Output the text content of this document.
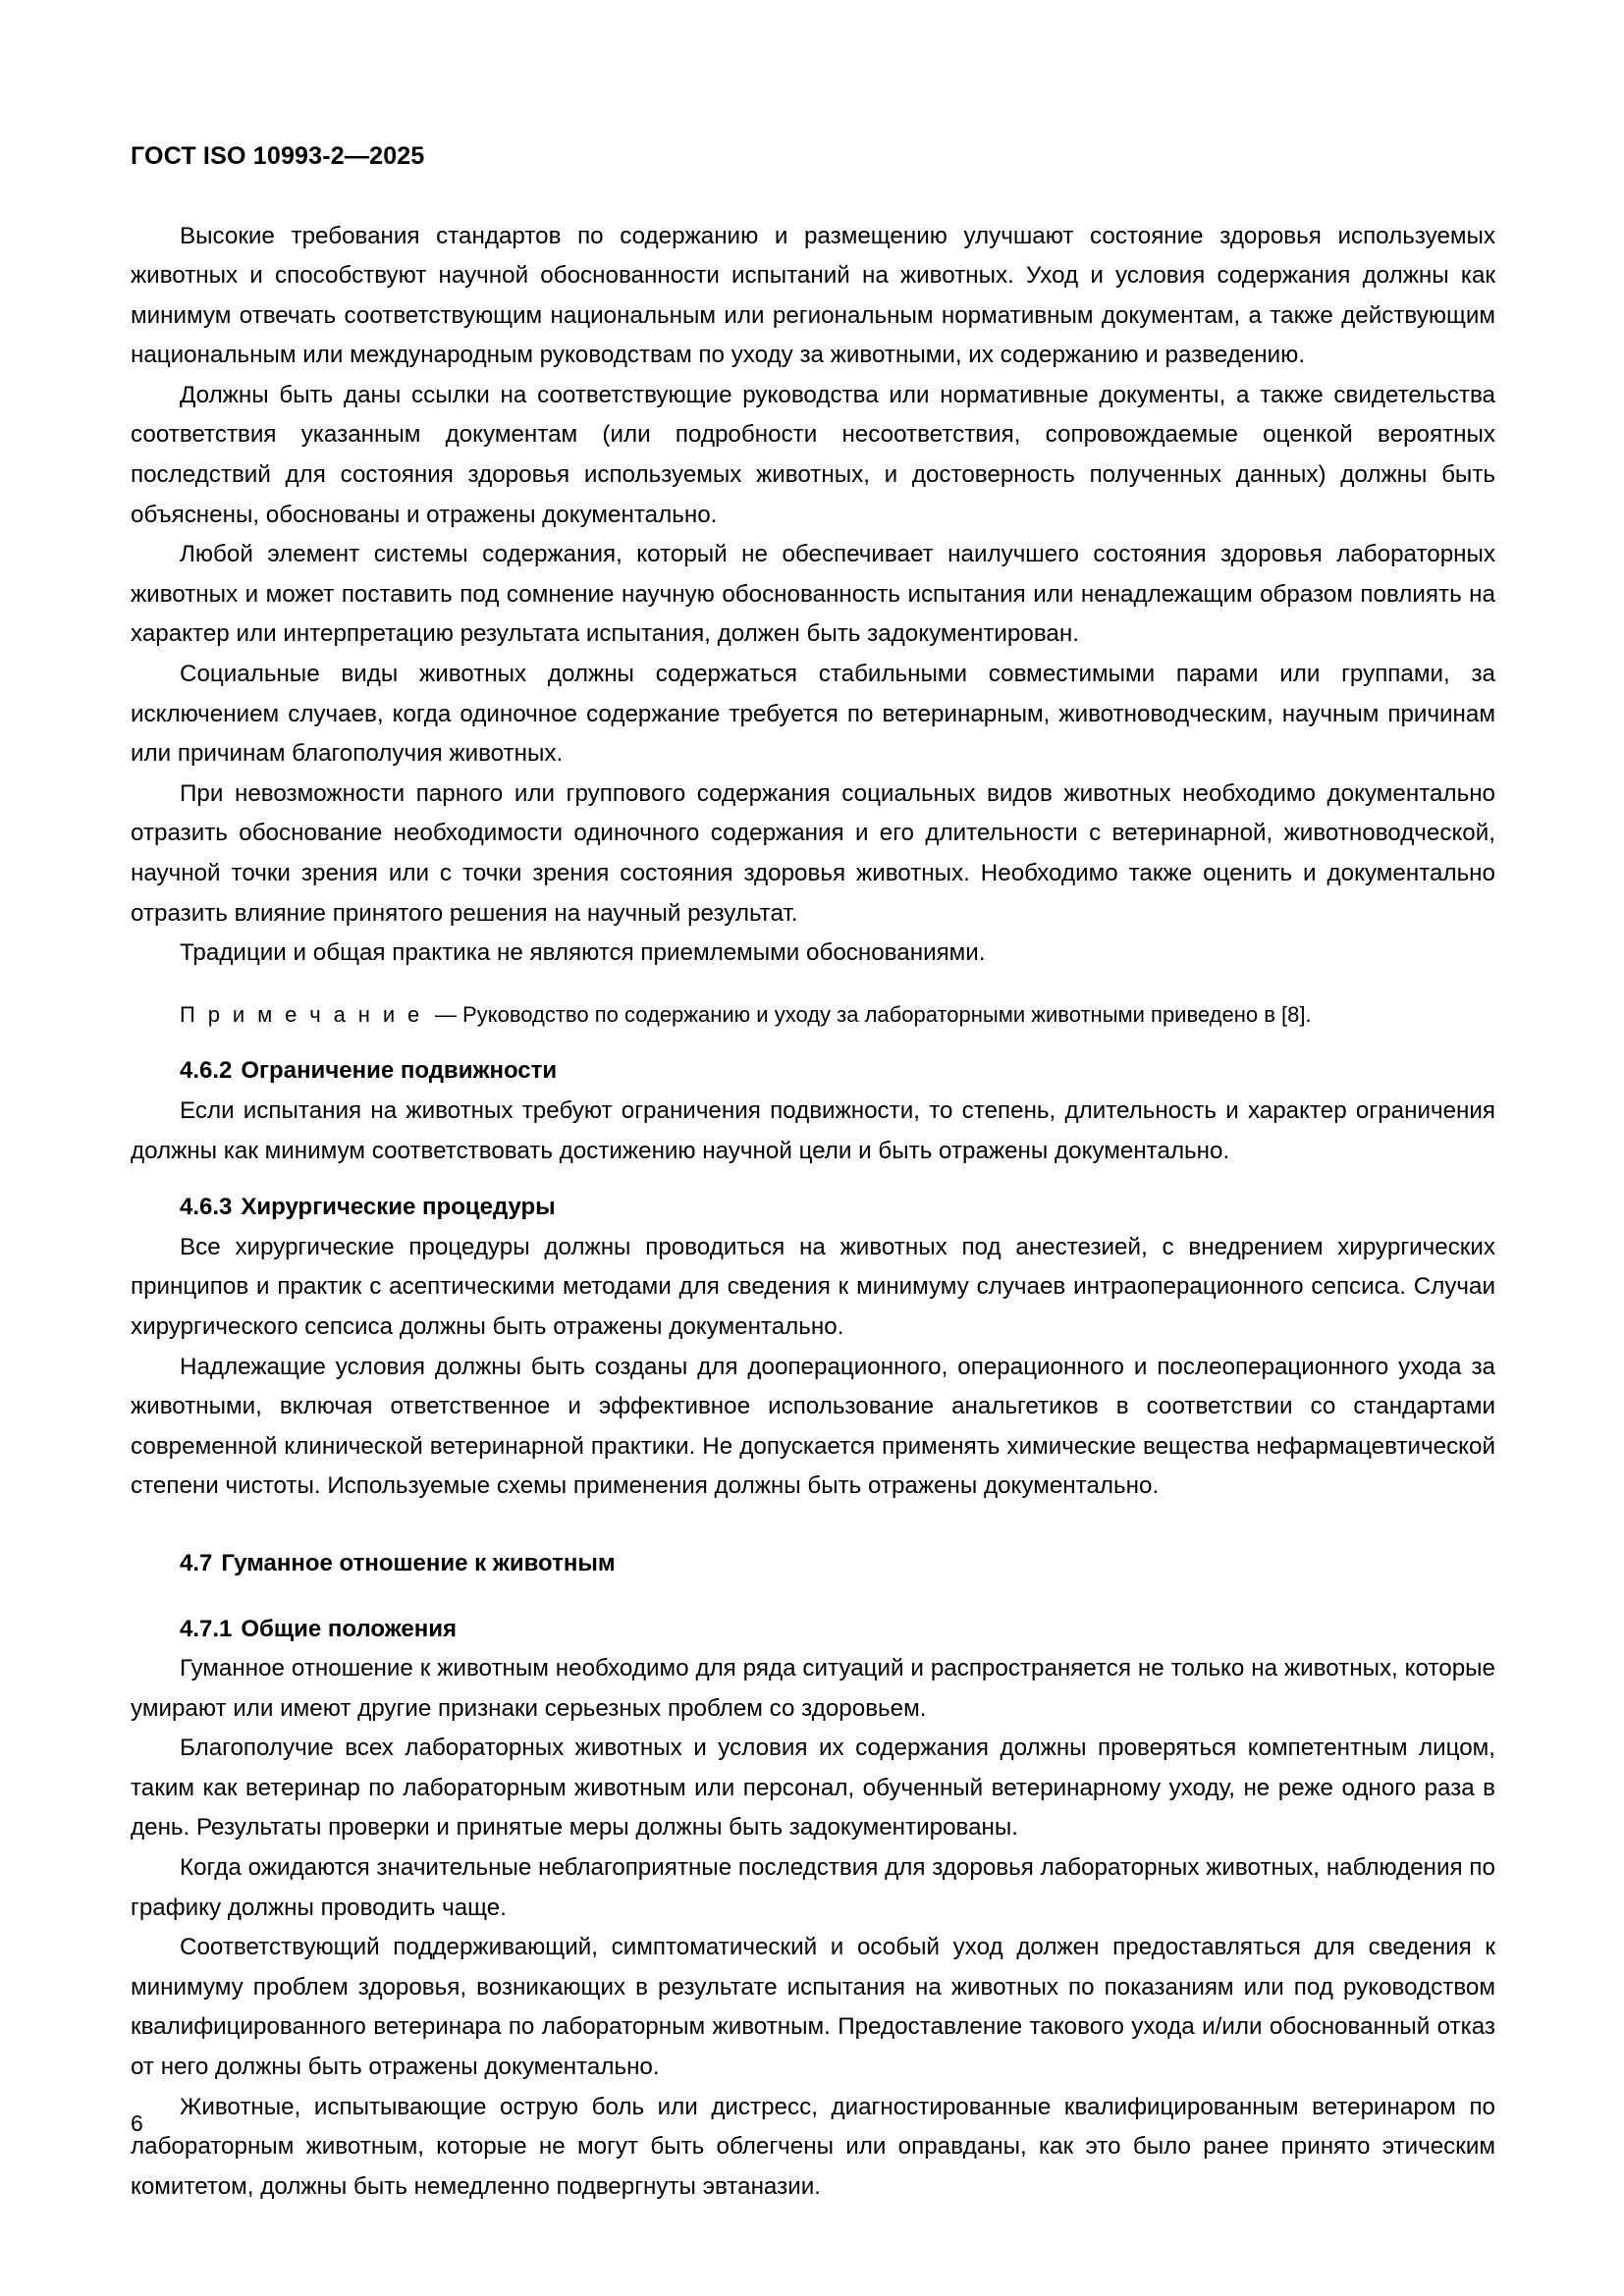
ГОСТ ISO 10993-2—2025

Высокие требования стандартов по содержанию и размещению улучшают состояние здоровья используемых животных и способствуют научной обоснованности испытаний на животных. Уход и условия содержания должны как минимум отвечать соответствующим национальным или региональным нормативным документам, а также действующим национальным или международным руководствам по уходу за животными, их содержанию и разведению.

Должны быть даны ссылки на соответствующие руководства или нормативные документы, а также свидетельства соответствия указанным документам (или подробности несоответствия, сопровождаемые оценкой вероятных последствий для состояния здоровья используемых животных, и достоверность полученных данных) должны быть объяснены, обоснованы и отражены документально.

Любой элемент системы содержания, который не обеспечивает наилучшего состояния здоровья лабораторных животных и может поставить под сомнение научную обоснованность испытания или ненадлежащим образом повлиять на характер или интерпретацию результата испытания, должен быть задокументирован.

Социальные виды животных должны содержаться стабильными совместимыми парами или группами, за исключением случаев, когда одиночное содержание требуется по ветеринарным, животноводческим, научным причинам или причинам благополучия животных.

При невозможности парного или группового содержания социальных видов животных необходимо документально отразить обоснование необходимости одиночного содержания и его длительности с ветеринарной, животноводческой, научной точки зрения или с точки зрения состояния здоровья животных. Необходимо также оценить и документально отразить влияние принятого решения на научный результат.

Традиции и общая практика не являются приемлемыми обоснованиями.

П р и м е ч а н и е — Руководство по содержанию и уходу за лабораторными животными приведено в [8].

4.6.2 Ограничение подвижности

Если испытания на животных требуют ограничения подвижности, то степень, длительность и характер ограничения должны как минимум соответствовать достижению научной цели и быть отражены документально.

4.6.3 Хирургические процедуры

Все хирургические процедуры должны проводиться на животных под анестезией, с внедрением хирургических принципов и практик с асептическими методами для сведения к минимуму случаев интраоперационного сепсиса. Случаи хирургического сепсиса должны быть отражены документально.

Надлежащие условия должны быть созданы для дооперационного, операционного и послеоперационного ухода за животными, включая ответственное и эффективное использование анальгетиков в соответствии со стандартами современной клинической ветеринарной практики. Не допускается применять химические вещества нефармацевтической степени чистоты. Используемые схемы применения должны быть отражены документально.

4.7 Гуманное отношение к животным
4.7.1 Общие положения

Гуманное отношение к животным необходимо для ряда ситуаций и распространяется не только на животных, которые умирают или имеют другие признаки серьезных проблем со здоровьем.

Благополучие всех лабораторных животных и условия их содержания должны проверяться компетентным лицом, таким как ветеринар по лабораторным животным или персонал, обученный ветеринарному уходу, не реже одного раза в день. Результаты проверки и принятые меры должны быть задокументированы.

Когда ожидаются значительные неблагоприятные последствия для здоровья лабораторных животных, наблюдения по графику должны проводить чаще.

Соответствующий поддерживающий, симптоматический и особый уход должен предоставляться для сведения к минимуму проблем здоровья, возникающих в результате испытания на животных по показаниям или под руководством квалифицированного ветеринара по лабораторным животным. Предоставление такового ухода и/или обоснованный отказ от него должны быть отражены документально.

Животные, испытывающие острую боль или дистресс, диагностированные квалифицированным ветеринаром по лабораторным животным, которые не могут быть облегчены или оправданы, как это было ранее принято этическим комитетом, должны быть немедленно подвергнуты эвтаназии.

6
